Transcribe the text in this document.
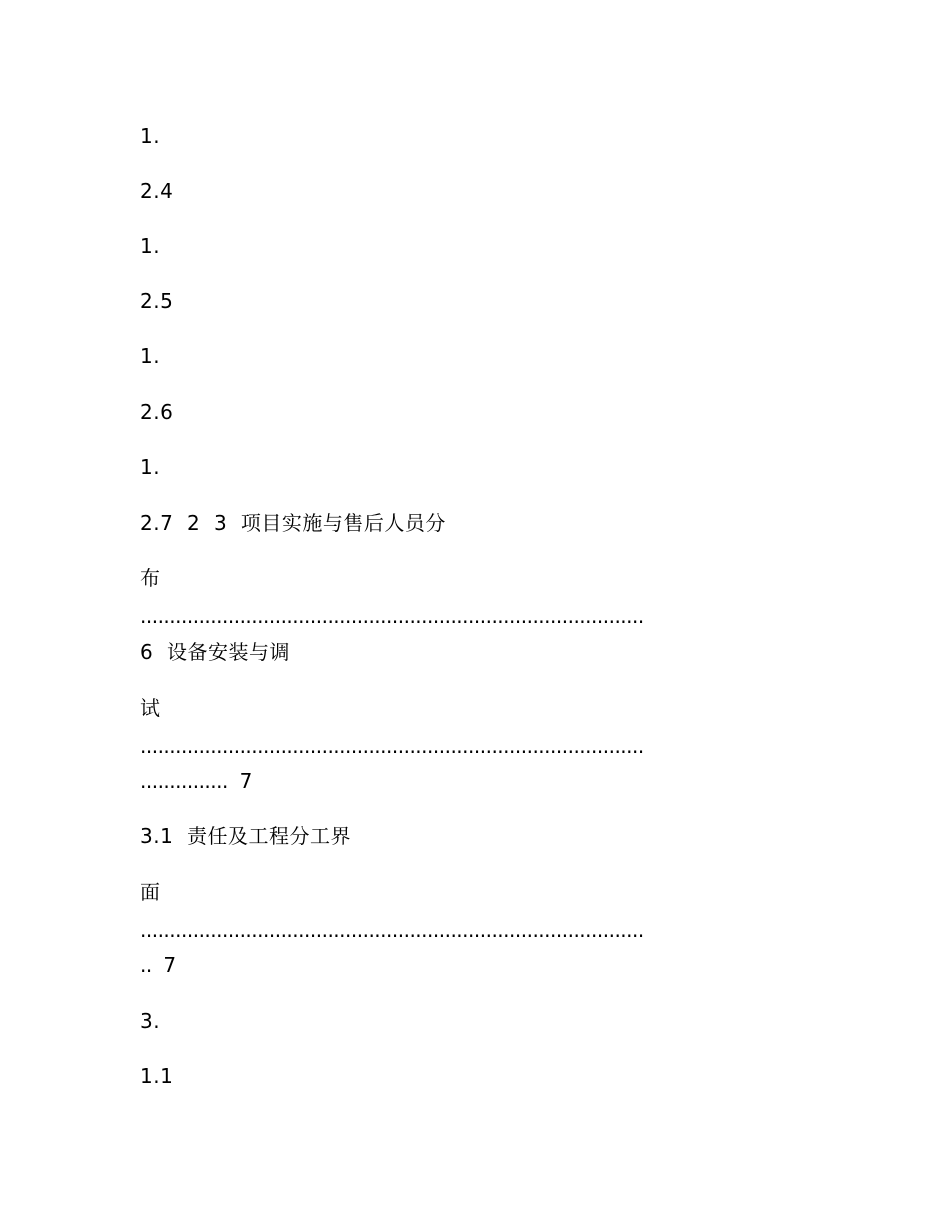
1.
2.4
1.
2.5
1.
2.6
1.
2.7  2  3  项目实施与售后人员分
布
......................................................................................
6  设备安装与调
试
......................................................................................
...............  7
3.1  责任及工程分工界
面
......................................................................................
..  7
3.
1.1
